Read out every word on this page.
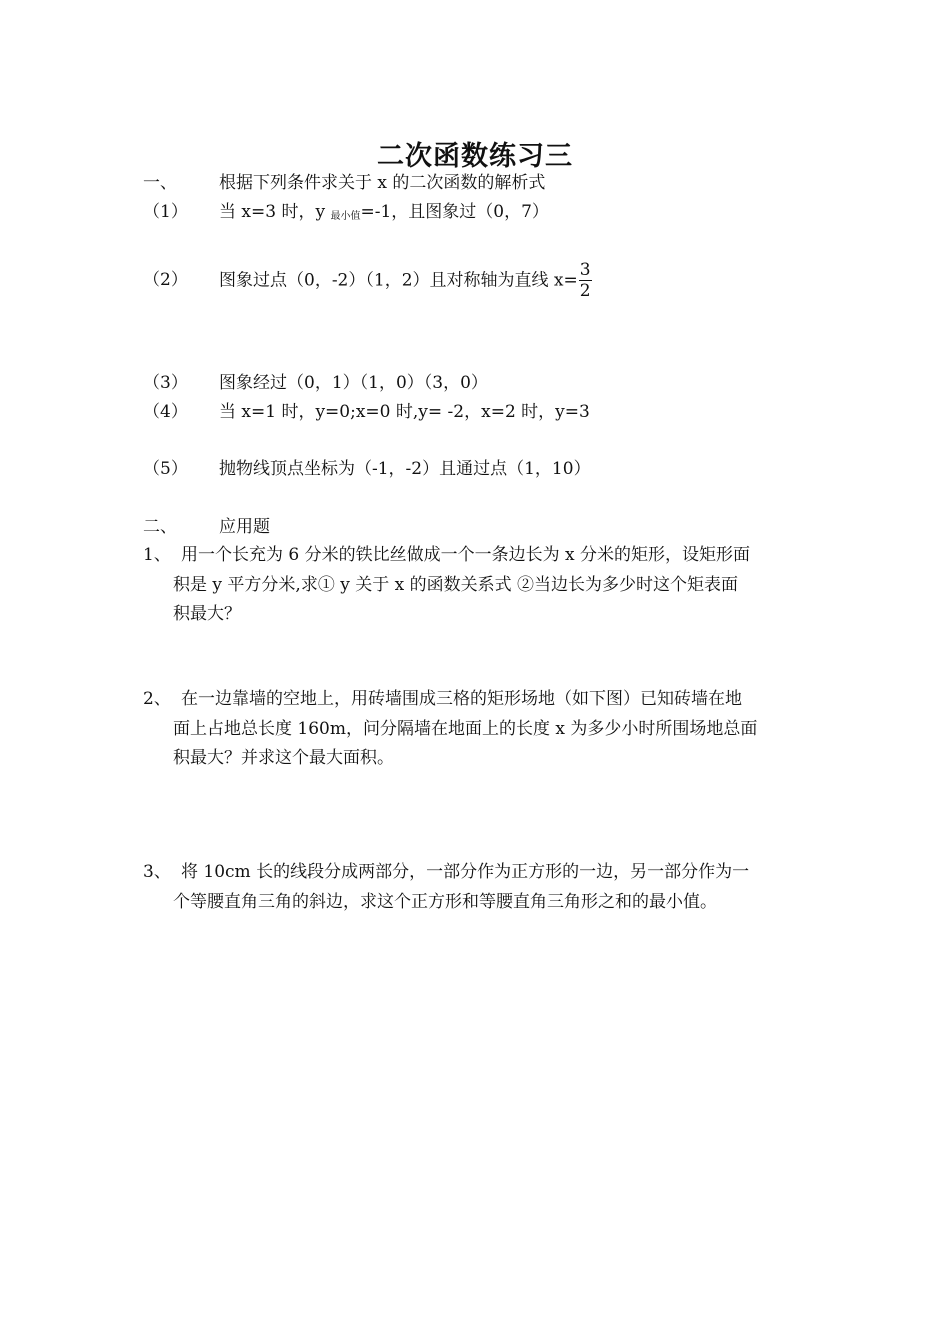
二次函数练习三
一、 根据下列条件求关于 x 的二次函数的解析式
（1） 当 x=3 时，y $_{最小值}$=-1，且图象过（0，7）
（2） 图象过点（0，-2）（1，2）且对称轴为直线 $x= \frac{3}{2}$
（3） 图象经过（0，1）（1，0）（3，0）
（4） 当 x=1 时，y=0;x=0 时,y= -2，x=2 时，y=3
（5） 抛物线顶点坐标为（-1，-2）且通过点（1，10）
二、 应用题
1、 用一个长充为 6 分米的铁比丝做成一个一条边长为 x 分米的矩形，设矩形面
积是 y 平方分米,求① y 关于 x 的函数关系式 ②当边长为多少时这个矩表面
积最大？
2、 在一边靠墙的空地上，用砖墙围成三格的矩形场地（如下图）已知砖墙在地
面上占地总长度 160m，问分隔墙在地面上的长度 x 为多少小时所围场地总面
积最大？并求这个最大面积。
3、 将 10cm 长的线段分成两部分，一部分作为正方形的一边，另一部分作为一
个等腰直角三角的斜边，求这个正方形和等腰直角三角形之和的最小值。
